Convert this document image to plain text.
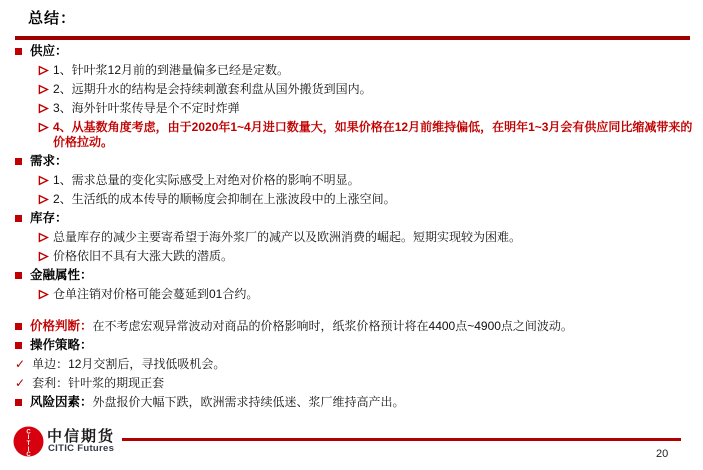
总结：
供应：
1、针叶浆12月前的到港量偏多已经是定数。
2、远期升水的结构是会持续刺激套利盘从国外搬货到国内。
3、海外针叶浆传导是个不定时炸弹
4、从基数角度考虑，由于2020年1~4月进口数量大，如果价格在12月前维持偏低，在明年1~3月会有供应同比缩减带来的价格拉动。
需求：
1、需求总量的变化实际感受上对绝对价格的影响不明显。
2、生活纸的成本传导的顺畅度会抑制在上涨波段中的上涨空间。
库存：
总量库存的减少主要寄希望于海外浆厂的减产以及欧洲消费的崛起。短期实现较为困难。
价格依旧不具有大涨大跌的潜质。
金融属性：
仓单注销对价格可能会蔓延到01合约。
价格判断：在不考虑宏观异常波动对商品的价格影响时，纸浆价格预计将在4400点~4900点之间波动。
操作策略：
✓ 单边：12月交割后，寻找低吸机会。
✓ 套利：针叶浆的期现正套
风险因素：外盘报价大幅下跌，欧洲需求持续低迷、浆厂维持高产出。
C
I
T
I
C
中信期货
CITIC Futures	20
